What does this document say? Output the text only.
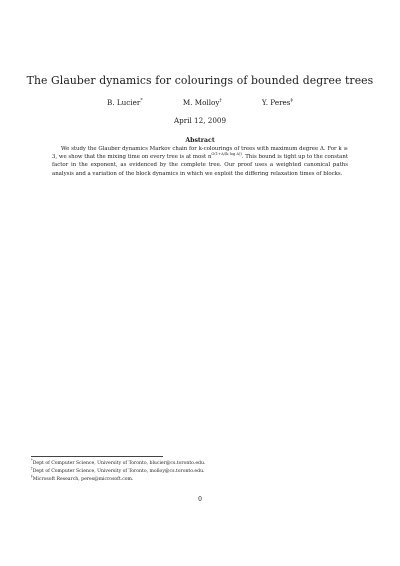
The Glauber dynamics for colourings of bounded degree trees
B. Lucier*	M. Molloy†	Y. Peres‡
April 12, 2009
Abstract

We study the Glauber dynamics Markov chain for k-colourings of trees with maximum degree Δ. For k ≥ 3, we show that the mixing time on every tree is at most $n^{O(1+\Delta/(k log \Delta))}$. This bound is tight up to the constant factor in the exponent, as evidenced by the complete tree. Our proof uses a weighted canonical paths analysis and a variation of the block dynamics in which we exploit the differing relaxation times of blocks.

*Dept of Computer Science, University of Toronto, blucier@cs.toronto.edu.
†Dept of Computer Science, University of Toronto, molloy@cs.toronto.edu.
‡Microsoft Research, peres@microsoft.com.
0
